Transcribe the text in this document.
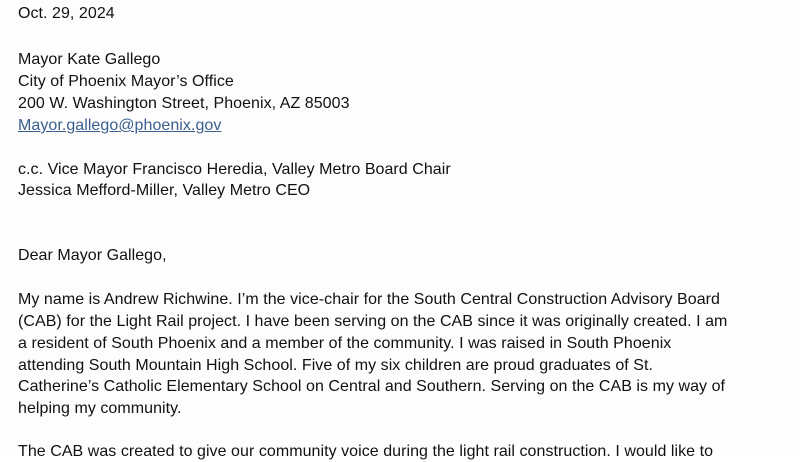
Oct. 29, 2024
Mayor Kate Gallego
City of Phoenix Mayor’s Office
200 W. Washington Street, Phoenix, AZ 85003
Mayor.gallego@phoenix.gov
c.c. Vice Mayor Francisco Heredia, Valley Metro Board Chair
Jessica Mefford-Miller, Valley Metro CEO
Dear Mayor Gallego,
My name is Andrew Richwine. I’m the vice-chair for the South Central Construction Advisory Board
(CAB) for the Light Rail project. I have been serving on the CAB since it was originally created. I am
a resident of South Phoenix and a member of the community. I was raised in South Phoenix
attending South Mountain High School. Five of my six children are proud graduates of St.
Catherine’s Catholic Elementary School on Central and Southern. Serving on the CAB is my way of
helping my community.
The CAB was created to give our community voice during the light rail construction. I would like to
